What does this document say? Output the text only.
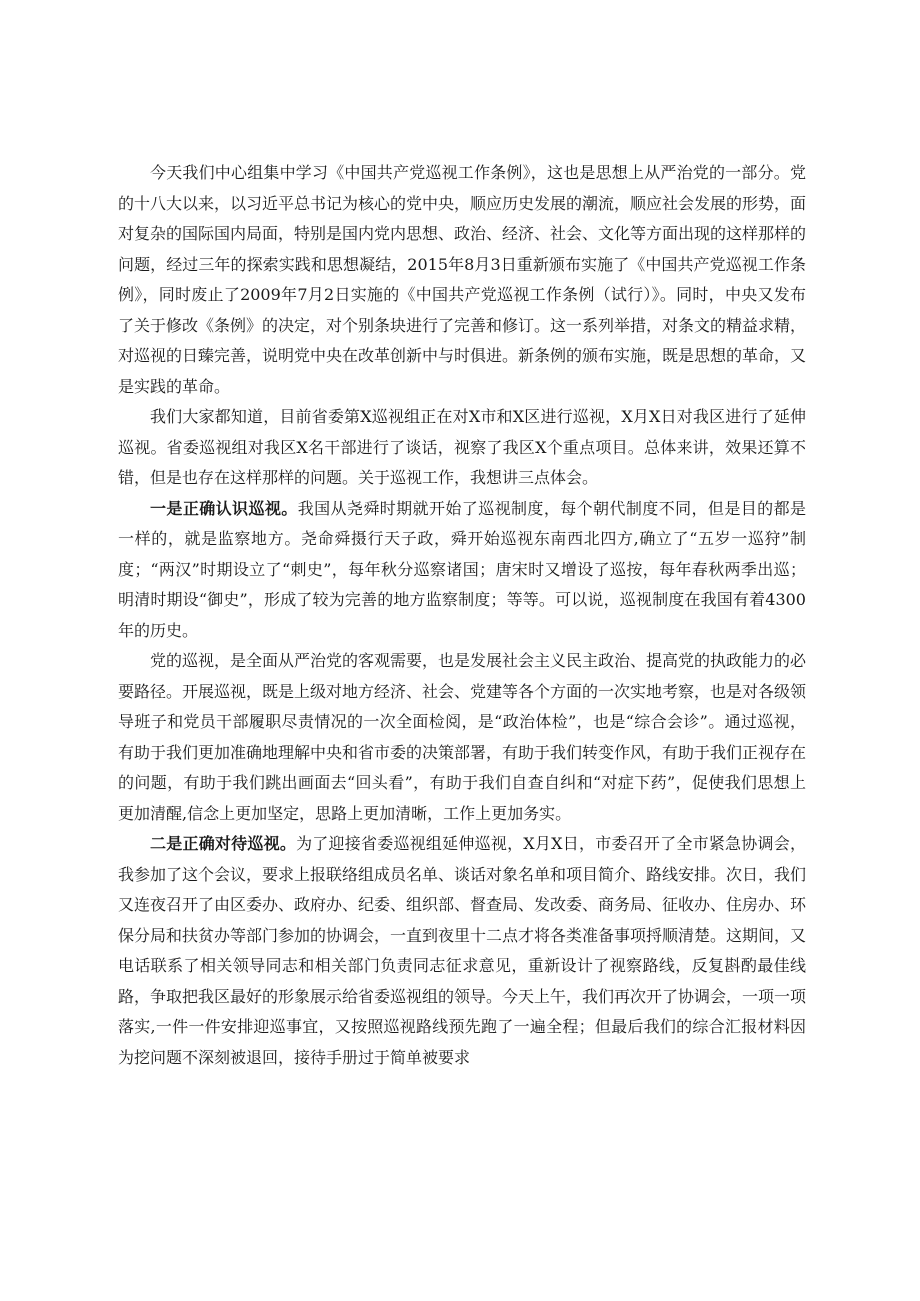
今天我们中心组集中学习《中国共产党巡视工作条例》，这也是思想上从严治党的一部分。党的十八大以来，以习近平总书记为核心的党中央，顺应历史发展的潮流，顺应社会发展的形势，面对复杂的国际国内局面，特别是国内党内思想、政治、经济、社会、文化等方面出现的这样那样的问题，经过三年的探索实践和思想凝结，2015年8月3日重新颁布实施了《中国共产党巡视工作条例》，同时废止了2009年7月2日实施的《中国共产党巡视工作条例（试行）》。同时，中央又发布了关于修改《条例》的决定，对个别条块进行了完善和修订。这一系列举措，对条文的精益求精，对巡视的日臻完善，说明党中央在改革创新中与时俱进。新条例的颁布实施，既是思想的革命，又是实践的革命。

我们大家都知道，目前省委第X巡视组正在对X市和X区进行巡视，X月X日对我区进行了延伸巡视。省委巡视组对我区X名干部进行了谈话，视察了我区X个重点项目。总体来讲，效果还算不错，但是也存在这样那样的问题。关于巡视工作，我想讲三点体会。

一是正确认识巡视。我国从尧舜时期就开始了巡视制度，每个朝代制度不同，但是目的都是一样的，就是监察地方。尧命舜摄行天子政，舜开始巡视东南西北四方,确立了“五岁一巡狩”制度；“两汉”时期设立了“刺史”，每年秋分巡察诸国；唐宋时又增设了巡按，每年春秋两季出巡；明清时期设“御史”，形成了较为完善的地方监察制度；等等。可以说，巡视制度在我国有着4300年的历史。

党的巡视，是全面从严治党的客观需要，也是发展社会主义民主政治、提高党的执政能力的必要路径。开展巡视，既是上级对地方经济、社会、党建等各个方面的一次实地考察，也是对各级领导班子和党员干部履职尽责情况的一次全面检阅，是“政治体检”，也是“综合会诊”。通过巡视，有助于我们更加准确地理解中央和省市委的决策部署，有助于我们转变作风，有助于我们正视存在的问题，有助于我们跳出画面去“回头看”，有助于我们自查自纠和“对症下药”，促使我们思想上更加清醒,信念上更加坚定，思路上更加清晰，工作上更加务实。

二是正确对待巡视。为了迎接省委巡视组延伸巡视，X月X日，市委召开了全市紧急协调会，我参加了这个会议，要求上报联络组成员名单、谈话对象名单和项目简介、路线安排。次日，我们又连夜召开了由区委办、政府办、纪委、组织部、督查局、发改委、商务局、征收办、住房办、环保分局和扶贫办等部门参加的协调会，一直到夜里十二点才将各类准备事项捋顺清楚。这期间，又电话联系了相关领导同志和相关部门负责同志征求意见，重新设计了视察路线，反复斟酌最佳线路，争取把我区最好的形象展示给省委巡视组的领导。今天上午，我们再次开了协调会，一项一项落实,一件一件安排迎巡事宜，又按照巡视路线预先跑了一遍全程；但最后我们的综合汇报材料因为挖问题不深刻被退回，接待手册过于简单被要求
